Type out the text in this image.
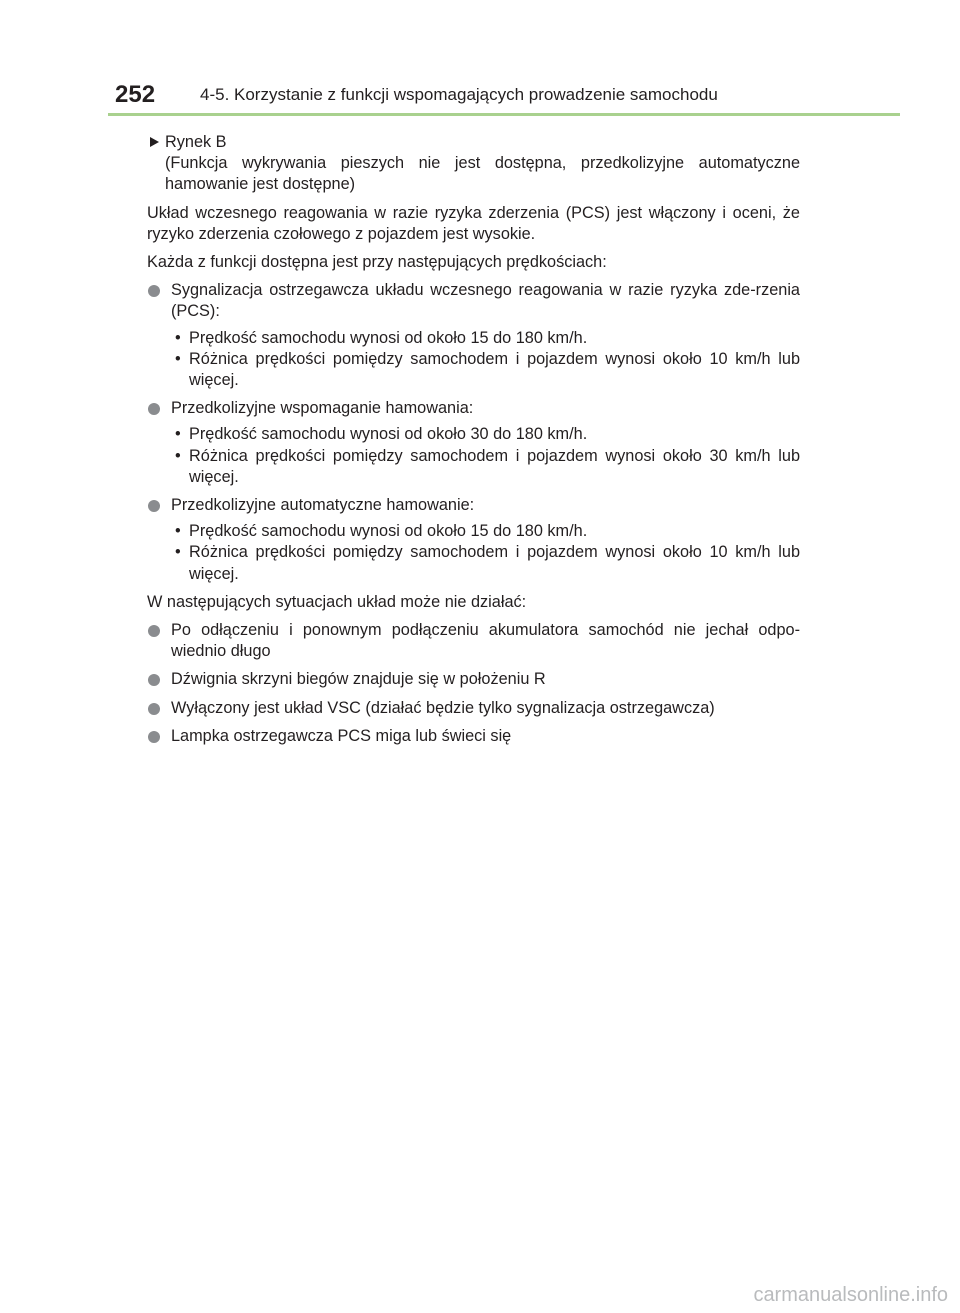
252	4-5. Korzystanie z funkcji wspomagających prowadzenie samochodu
Rynek B
(Funkcja wykrywania pieszych nie jest dostępna, przedkolizyjne automatyczne hamowanie jest dostępne)

Układ wczesnego reagowania w razie ryzyka zderzenia (PCS) jest włączony i oceni, że ryzyko zderzenia czołowego z pojazdem jest wysokie.

Każda z funkcji dostępna jest przy następujących prędkościach:

Sygnalizacja ostrzegawcza układu wczesnego reagowania w razie ryzyka zde-rzenia (PCS):
• Prędkość samochodu wynosi od około 15 do 180 km/h.
• Różnica prędkości pomiędzy samochodem i pojazdem wynosi około 10 km/h lub więcej.
Przedkolizyjne wspomaganie hamowania:
• Prędkość samochodu wynosi od około 30 do 180 km/h.
• Różnica prędkości pomiędzy samochodem i pojazdem wynosi około 30 km/h lub więcej.
Przedkolizyjne automatyczne hamowanie:
• Prędkość samochodu wynosi od około 15 do 180 km/h.
• Różnica prędkości pomiędzy samochodem i pojazdem wynosi około 10 km/h lub więcej.

W następujących sytuacjach układ może nie działać:

Po odłączeniu i ponownym podłączeniu akumulatora samochód nie jechał odpo-wiednio długo
Dźwignia skrzyni biegów znajduje się w położeniu R
Wyłączony jest układ VSC (działać będzie tylko sygnalizacja ostrzegawcza)
Lampka ostrzegawcza PCS miga lub świeci się
carmanualsonline.info
